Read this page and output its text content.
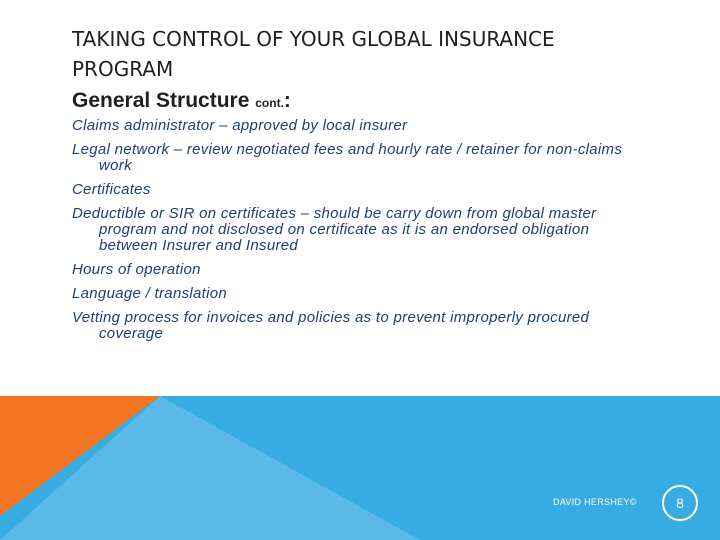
TAKING CONTROL OF YOUR GLOBAL INSURANCE
PROGRAM
General Structure cont.:
Claims administrator – approved by local insurer
Legal network – review negotiated fees and hourly rate / retainer for non-claims work
Certificates
Deductible or SIR on certificates – should be carry down from global master program and not disclosed on certificate as it is an endorsed obligation between Insurer and Insured
Hours of operation
Language / translation
Vetting process for invoices and policies as to prevent improperly procured coverage
DAVID HERSHEY©	8
